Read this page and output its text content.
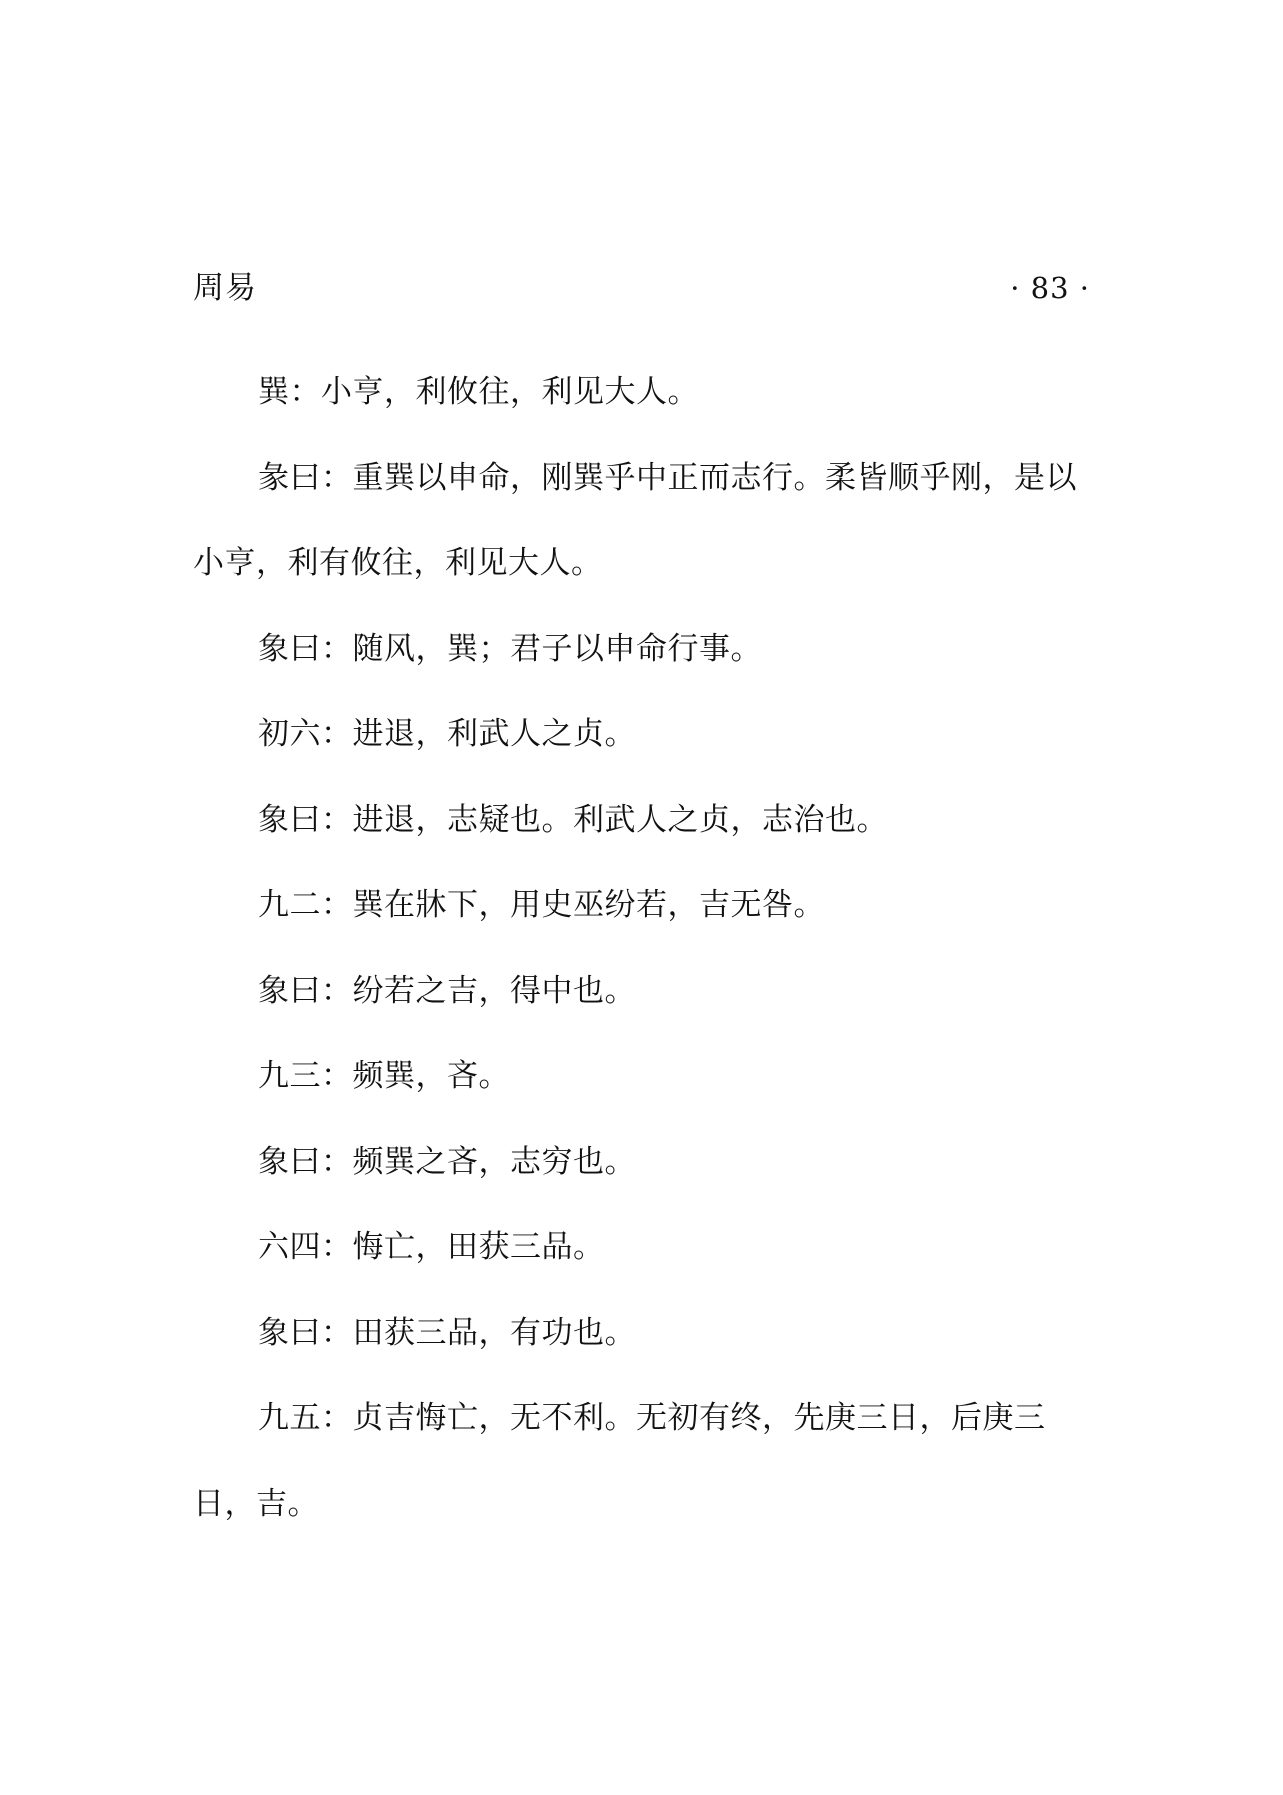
周易	· 83 ·

巽：小亨，利攸往，利见大人。

彖曰：重巽以申命，刚巽乎中正而志行。柔皆顺乎刚，是以小亨，利有攸往，利见大人。

象曰：随风，巽；君子以申命行事。

初六：进退，利武人之贞。

象曰：进退，志疑也。利武人之贞，志治也。

九二：巽在牀下，用史巫纷若，吉无咎。

象曰：纷若之吉，得中也。

九三：频巽，吝。

象曰：频巽之吝，志穷也。

六四：悔亡，田获三品。

象曰：田获三品，有功也。

九五：贞吉悔亡，无不利。无初有终，先庚三日，后庚三日，吉。
